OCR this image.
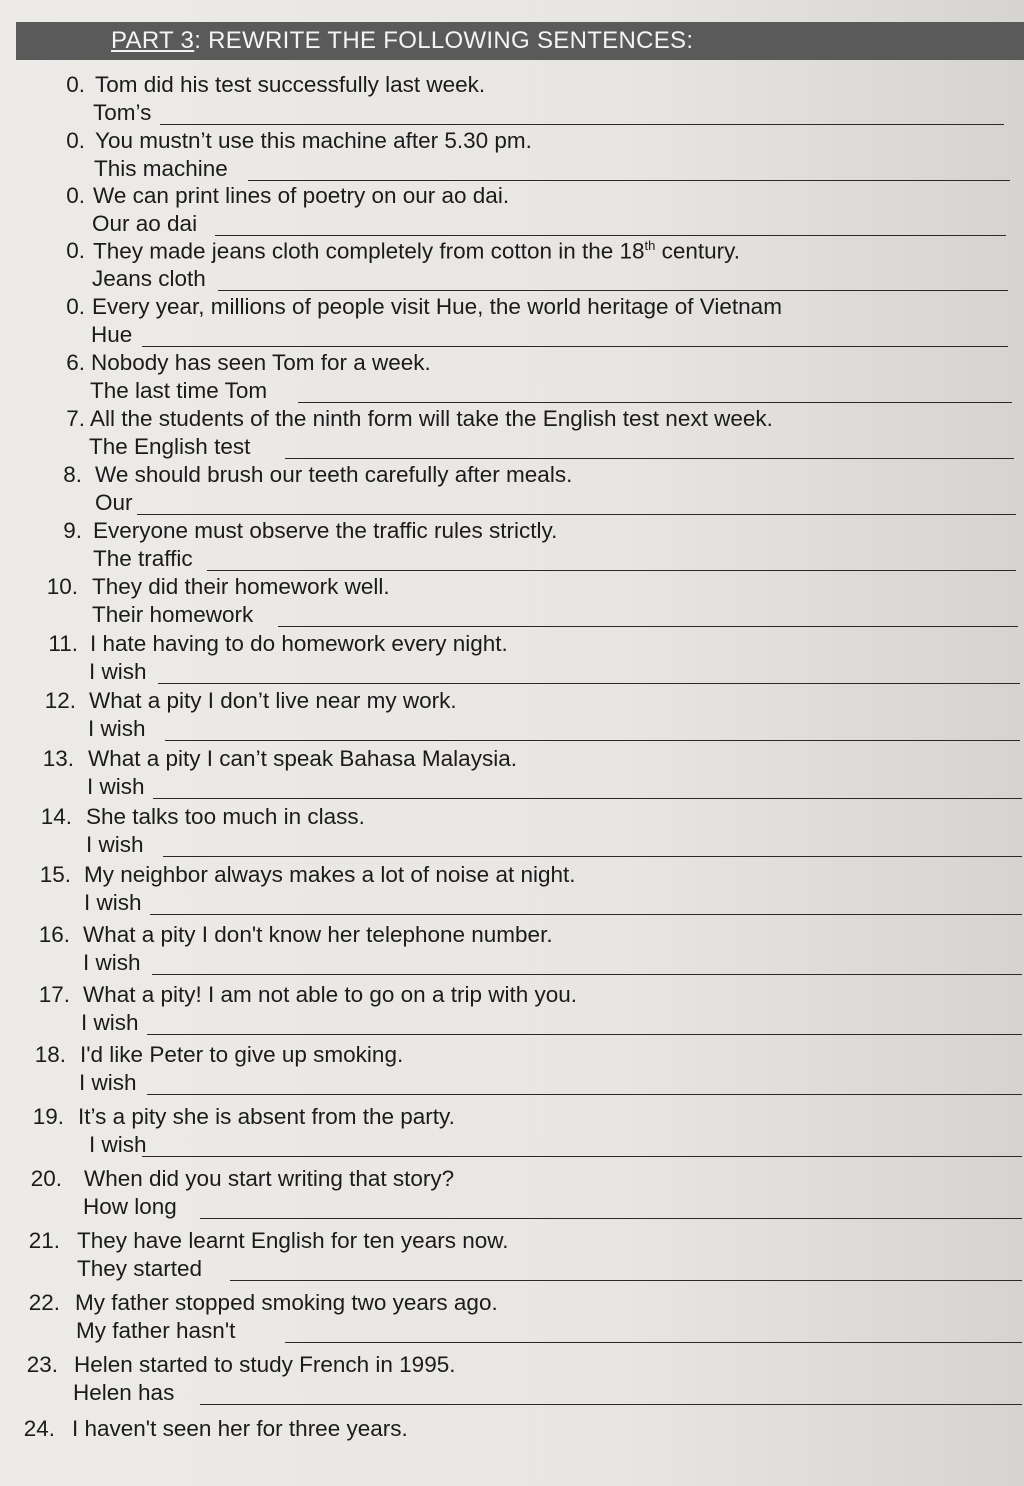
PART 3: REWRITE THE FOLLOWING SENTENCES:
0. Tom did his test successfully last week.
Tom’s
0. You mustn’t use this machine after 5.30 pm.
This machine
0. We can print lines of poetry on our ao dai.
Our ao dai
0. They made jeans cloth completely from cotton in the 18th century.
Jeans cloth
0. Every year, millions of people visit Hue, the world heritage of Vietnam
Hue
6. Nobody has seen Tom for a week.
The last time Tom
7. All the students of the ninth form will take the English test next week.
The English test
8. We should brush our teeth carefully after meals.
Our
9. Everyone must observe the traffic rules strictly.
The traffic
10. They did their homework well.
Their homework
11. I hate having to do homework every night.
I wish
12. What a pity I don’t live near my work.
I wish
13. What a pity I can’t speak Bahasa Malaysia.
I wish
14. She talks too much in class.
I wish
15. My neighbor always makes a lot of noise at night.
I wish
16. What a pity I don't know her telephone number.
I wish
17. What a pity! I am not able to go on a trip with you.
I wish
18. I'd like Peter to give up smoking.
I wish
19. It’s a pity she is absent from the party.
I wish
20. When did you start writing that story?
How long
21. They have learnt English for ten years now.
They started
22. My father stopped smoking two years ago.
My father hasn't
23. Helen started to study French in 1995.
Helen has
24. I haven't seen her for three years.
